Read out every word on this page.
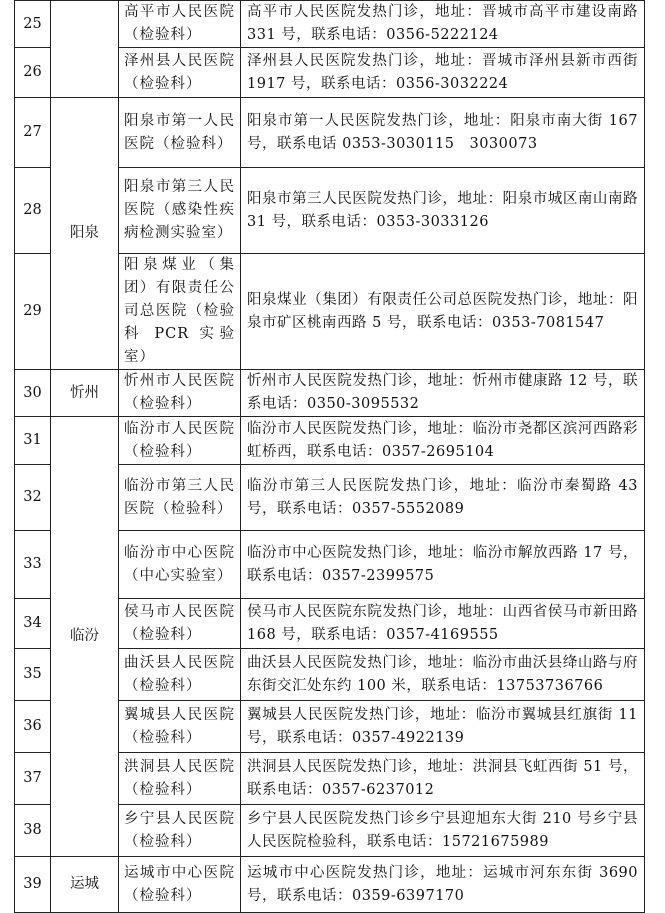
25		高平市人民医院（检验科）	高平市人民医院发热门诊，地址：晋城市高平市建设南路 331 号，联系电话：0356-5222124
26		泽州县人民医院（检验科）	泽州县人民医院发热门诊，地址：晋城市泽州县新市西街 1917 号，联系电话：0356-3032224
27	阳泉	阳泉市第一人民医院（检验科）	阳泉市第一人民医院发热门诊，地址：阳泉市南大街 167 号，联系电话 0353-3030115　3030073
28		阳泉市第三人民医院（感染性疾病检测实验室）	阳泉市第三人民医院发热门诊，地址：阳泉市城区南山南路 31 号，联系电话：0353-3033126
29		阳泉煤业（集团）有限责任公司总医院（检验科 PCR 实验室）	阳泉煤业（集团）有限责任公司总医院发热门诊，地址：阳泉市矿区桃南西路 5 号，联系电话：0353-7081547
30	忻州	忻州市人民医院（检验科）	忻州市人民医院发热门诊，地址：忻州市健康路 12 号，联系电话：0350-3095532
31	临汾	临汾市人民医院（检验科）	临汾市人民医院发热门诊，地址：临汾市尧都区滨河西路彩虹桥西，联系电话：0357-2695104
32		临汾市第三人民医院（检验科）	临汾市第三人民医院发热门诊，地址：临汾市秦蜀路 43 号，联系电话：0357-5552089
33		临汾市中心医院（中心实验室）	临汾市中心医院发热门诊，地址：临汾市解放西路 17 号，联系电话：0357-2399575
34		侯马市人民医院（检验科）	侯马市人民医院东院发热门诊，地址：山西省侯马市新田路 168 号，联系电话：0357-4169555
35		曲沃县人民医院（检验科）	曲沃县人民医院发热门诊，地址：临汾市曲沃县绛山路与府东街交汇处东约 100 米，联系电话：13753736766
36		翼城县人民医院（检验科）	翼城县人民医院发热门诊，地址：临汾市翼城县红旗街 11 号，联系电话：0357-4922139
37		洪洞县人民医院（检验科）	洪洞县人民医院发热门诊，地址：洪洞县飞虹西街 51 号，联系电话：0357-6237012
38		乡宁县人民医院（检验科）	乡宁县人民医院发热门诊乡宁县迎旭东大街 210 号乡宁县人民医院检验科，联系电话：15721675989
39	运城	运城市中心医院（检验科）	运城市中心医院发热门诊，地址：运城市河东东街 3690 号，联系电话：0359-6397170
